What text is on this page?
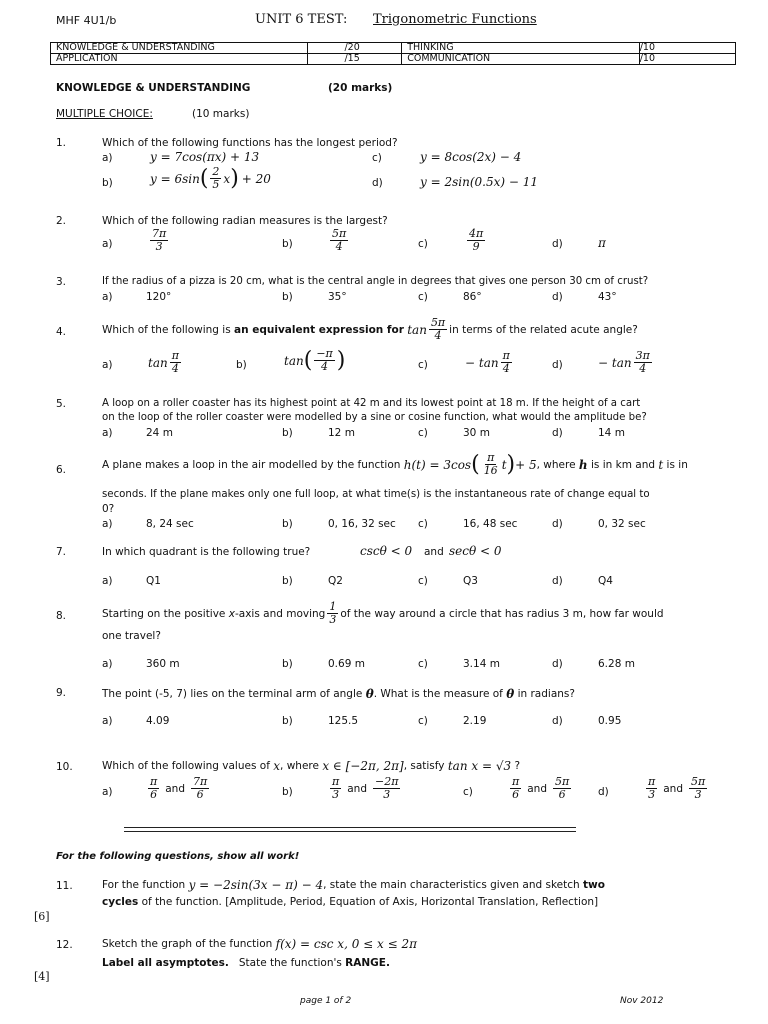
MHF 4U1/b	UNIT 6 TEST: Trigonometric Functions
KNOWLEDGE & UNDERSTANDING	/20	THINKING	/10
APPLICATION	/15	COMMUNICATION	/10
KNOWLEDGE & UNDERSTANDING	(20 marks)
MULTIPLE CHOICE:	(10 marks)
1.	Which of the following functions has the longest period?
a)	y = 7cos(πx) + 13	c)	y = 8cos(2x) − 4
b)	y = 6sin ( $\frac{2}{5}$ x ) + 20	d)	y = 2sin(0.5x) − 11
2.	Which of the following radian measures is the largest?
a)	$\frac{7\pi}{3}$	b)	$\frac{5\pi}{4}$	c)	$\frac{4\pi}{9}$	d)	π
3.	If the radius of a pizza is 20 cm, what is the central angle in degrees that gives one person 30 cm of crust?
a)	120°	b)	35°	c)	86°	d)	43°
4.	Which of the following is
an equivalent expression for
$\tan \frac{5\pi}{4}$ in terms of the related acute angle?
a)	$\tan \frac{\pi}{4}$	b)	tan ( $\frac{-\pi}{4}$ )	c)	− $\tan \frac{\pi}{4}$	d)	− $\tan \frac{3\pi}{4}$
5.	A loop on a roller coaster has its highest point at 42 m and its lowest point at 18 m. If the height of a cart
on the loop of the roller coaster were modelled by a sine or cosine function, what would the amplitude be?
a)	24 m	b)	12 m	c)	30 m	d)	14 m
6.	A plane makes a loop in the air modelled by the function
h(t) = 3cos ( $\frac{\pi}{16}$ t ) + 5 , where
h
is in km and
t
is in
seconds. If the plane makes only one full loop, at what time(s) is the instantaneous rate of change equal to
0?
a)	8, 24 sec	b)	0, 16, 32 sec c)	16, 48 sec	d)	0, 32 sec
7.	In which quadrant is the following true?	cscθ < 0 and secθ < 0
a)	Q1	b)	Q2	c)	Q3	d)	Q4
8.	Starting on the positive
x -axis and moving $\frac{1}{3}$ of the way around a circle that has radius 3 m, how far would
one travel?
a)	360 m	b)	0.69 m	c)	3.14 m	d)	6.28 m
9.	The point (-5, 7) lies on the terminal arm of angle
θ . What is the measure of
θ
in radians?
a)	4.09	b)	125.5	c)	2.19	d)	0.95
10.	Which of the following values of
x , where
x ∈ [−2π, 2π] , satisfy
tan x = √3
?
a)	$\frac{\pi}{6}$ and $\frac{7\pi}{6}$	b)	$\frac{\pi}{3}$ and $\frac{-2\pi}{3}$	c)	$\frac{\pi}{6}$ and $\frac{5\pi}{6}$	d)	$\frac{\pi}{3}$ and $\frac{5\pi}{3}$
For the following questions, show all work!
11.	For the function
y = −2sin(3x − π) − 4 , state the main characteristics given and sketch
two
cycles of the function. [Amplitude, Period, Equation of Axis, Horizontal Translation, Reflection]
[6]
12.	Sketch the graph of the function
f(x) = csc x, 0 ≤ x ≤ 2π
Label all asymptotes. State the function's RANGE.
[4]
page 1 of 2	Nov 2012
